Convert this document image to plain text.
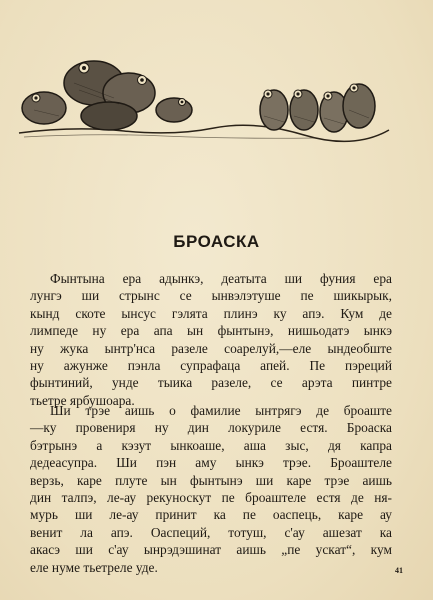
БРОАСКА

Фынтына ера адынкэ, деатыта ши фуния ера
лунгэ ши стрынс се ынвэлэтуше пе шикырык,
кынд скоте ынсус гэлята плинэ ку апэ. Кум де
лимпеде ну ера апа ын фынтынэ, нишьодатэ ынкэ
ну жука ынтр'нса разеле соарелуй,—еле ындеобште
ну ажунже пэнла супрафаца апей. Пе пэреций
фынтиний, унде тыика разеле, се арэта пинтре
тьетре ярбушоара.

Ши трэе аишь о фамилие ынтрягэ де броаште
—ку провениря ну дин локуриле естя. Броаска
бэтрынэ а кэзут ынкоаше, аша зыс, дя капра
дедеасупра. Ши пэн аму ынкэ трэе. Броаштеле
верзь, каре плуте ын фынтынэ ши каре трэе аишь
дин талпэ, ле-ау рекуноскут пе броаштеле естя де ня-
мурь ши ле-ау принит ка пе оаспець, каре ау
венит ла апэ. Оаспеций, тотуш, с'ау ашезат ка
акасэ ши с'ау ынрэдэшинат аишь „пе ускат“, кум
еле нуме тьетреле уде.	41
